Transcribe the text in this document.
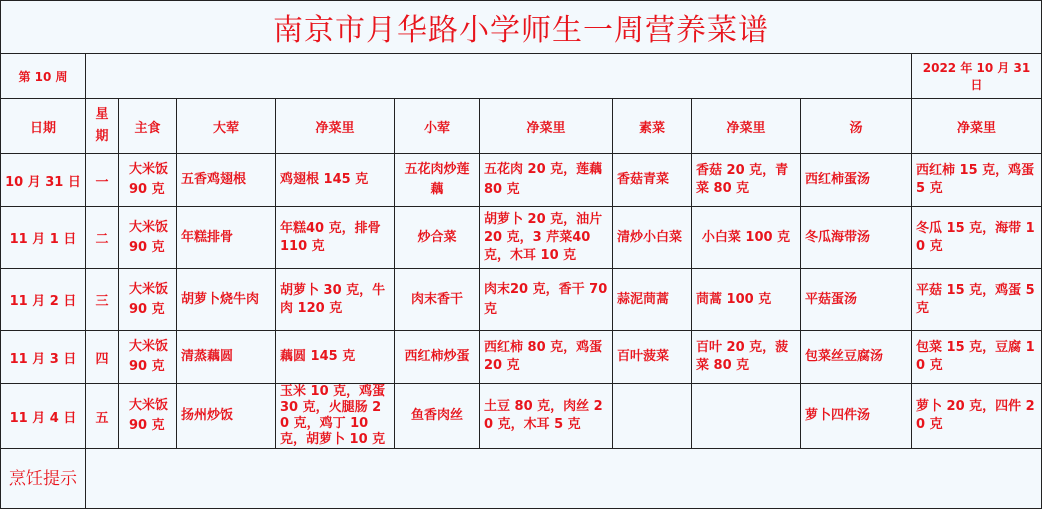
南京市月华路小学师生一周营养菜谱										
第 10 周										2022 年 10 月 31 日
日期	星期	主食	大荤	净菜里	小荤	净菜里	素菜	净菜里	汤	净菜里
10 月 31 日	一	大米饭 90 克	五香鸡翅根	鸡翅根 145 克	五花肉炒莲藕	五花肉 20 克，莲藕 80 克	香菇青菜	香菇 20 克，青菜 80 克	西红柿蛋汤	西红柿 15 克，鸡蛋 5 克
11 月 1 日	二	大米饭 90 克	年糕排骨	年糕40 克，排骨 110 克	炒合菜	胡萝卜 20 克，油片 20 克，3 芹菜40 克，木耳 10 克	清炒小白菜	小白菜 100 克	冬瓜海带汤	冬瓜 15 克，海带 10 克
11 月 2 日	三	大米饭 90 克	胡萝卜烧牛肉	胡萝卜 30 克，牛肉 120 克	肉末香干	肉末20 克，香干 70 克	蒜泥茼蒿	茼蒿 100 克	平菇蛋汤	平菇 15 克，鸡蛋 5 克
11 月 3 日	四	大米饭 90 克	清蒸藕圆	藕圆 145 克	西红柿炒蛋	西红柿 80 克，鸡蛋 20 克	百叶菠菜	百叶 20 克，菠菜 80 克	包菜丝豆腐汤	包菜 15 克，豆腐 10 克
11 月 4 日	五	大米饭 90 克	扬州炒饭	玉米 10 克，鸡蛋 30 克，火腿肠 20 克，鸡丁 10 克，胡萝卜 10 克	鱼香肉丝	土豆 80 克，肉丝 20 克，木耳 5 克			萝卜四件汤	萝卜 20 克，四件 20 克
烹饪提示										
